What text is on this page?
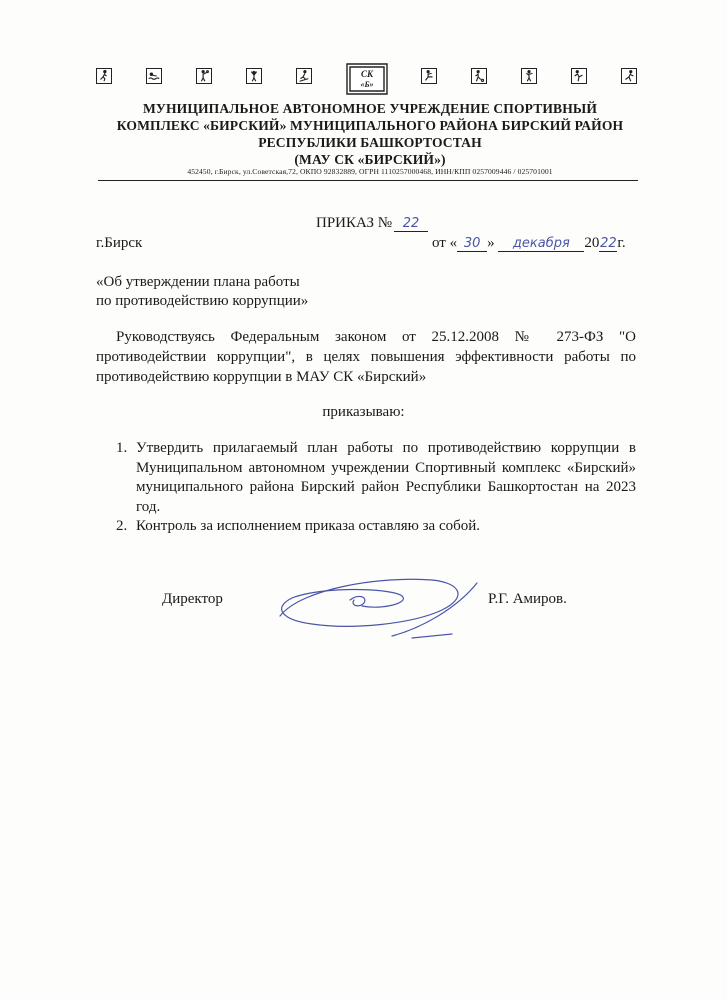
СК
«Б»
МУНИЦИПАЛЬНОЕ АВТОНОМНОЕ УЧРЕЖДЕНИЕ СПОРТИВНЫЙ
КОМПЛЕКС «БИРСКИЙ» МУНИЦИПАЛЬНОГО РАЙОНА БИРСКИЙ РАЙОН
РЕСПУБЛИКИ БАШКОРТОСТАН
(МАУ СК «БИРСКИЙ»)
452450, г.Бирск, ул.Советская,72, ОКПО 92832889, ОГРН 1110257000468, ИНН/КПП 0257009446 / 025701001
ПРИКАЗ № 22
г.Бирск	от « 30 » декабря 2022г.
«Об утверждении плана работы
по противодействию коррупции»
Руководствуясь Федеральным законом от 25.12.2008 № 273-ФЗ "О противодействии коррупции", в целях повышения эффективности работы по противодействию коррупции в МАУ СК «Бирский»
приказываю:
1. Утвердить прилагаемый план работы по противодействию коррупции в Муниципальном автономном учреждении Спортивный комплекс «Бирский» муниципального района Бирский район Республики Башкортостан на 2023 год.
2. Контроль за исполнением приказа оставляю за собой.
Директор	Р.Г. Амиров.
